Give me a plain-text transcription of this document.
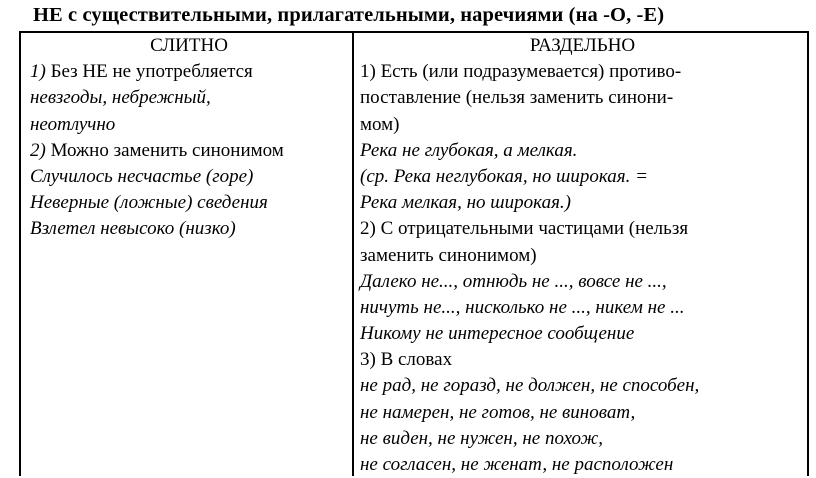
НЕ с существительными, прилагательными, наречиями (на -О, -Е)
СЛИТНО
1) Без НЕ не употребляется
невзгоды, небрежный,
неотлучно
2) Можно заменить синонимом
Случилось несчастье (горе)
Неверные (ложные) сведения
Взлетел невысоко (низко)
РАЗДЕЛЬНО
1) Есть (или подразумевается) противо-
поставление (нельзя заменить синони-
мом)
Река не глубокая, а мелкая.
(ср. Река неглубокая, но широкая. =
Река мелкая, но широкая.)
2) С отрицательными частицами (нельзя
заменить синонимом)
Далеко не..., отнюдь не ..., вовсе не ...,
ничуть не..., нисколько не ..., никем не ...
Никому не интересное сообщение
3) В словах
не рад, не горазд, не должен, не способен,
не намерен, не готов, не виноват,
не виден, не нужен, не похож,
не согласен, не женат, не расположен
